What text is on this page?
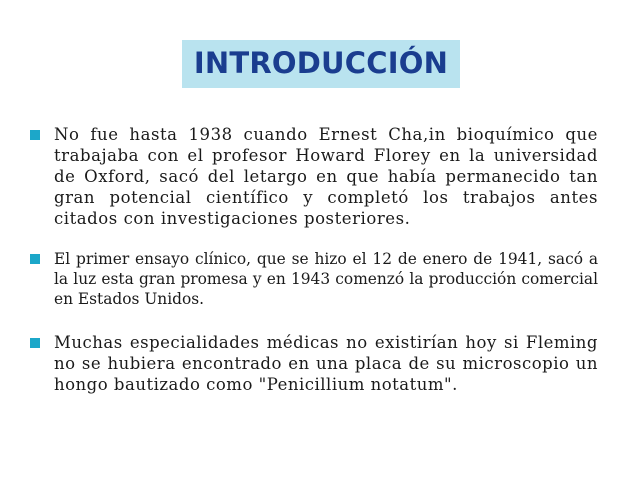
INTRODUCCIÓN
No fue hasta 1938 cuando Ernest Cha,in bioquímico que trabajaba con el profesor Howard Florey en la universidad de Oxford, sacó del letargo en que había permanecido tan gran potencial científico y completó los trabajos antes citados con investigaciones posteriores.
El primer ensayo clínico, que se hizo el 12 de enero de 1941, sacó a la luz esta gran promesa y en 1943 comenzó la producción comercial en Estados Unidos.
Muchas especialidades médicas no existirían hoy si Fleming no se hubiera encontrado en una placa de su microscopio un hongo bautizado como "Penicillium notatum".
